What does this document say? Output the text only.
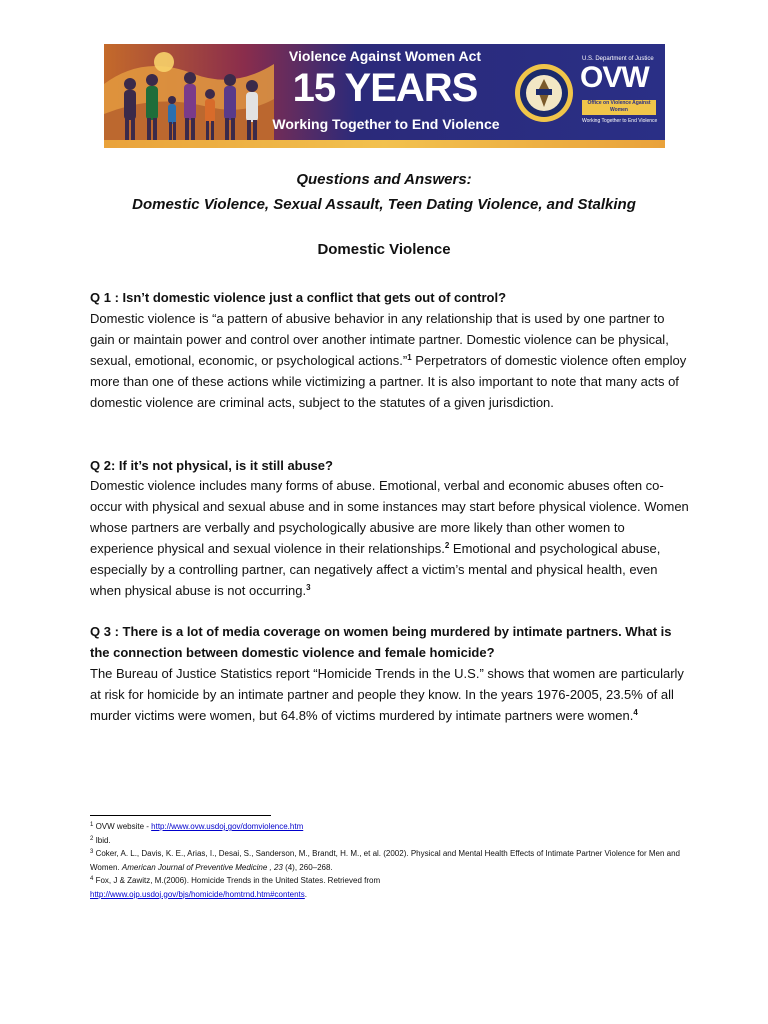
Violence Against Women Act
15 YEARS
Working Together to End Violence
U.S. Department of Justice
OVW
Office on Violence Against Women
Working Together to End Violence
Questions and Answers:
Domestic Violence, Sexual Assault, Teen Dating Violence, and Stalking
Domestic Violence
Q 1 : Isn’t domestic violence just a conflict that gets out of control?
Domestic violence is “a pattern of abusive behavior in any relationship that is used by one partner to gain or maintain power and control over another intimate partner. Domestic violence can be physical, sexual, emotional, economic, or psychological actions.”$^1$ Perpetrators of domestic violence often employ more than one of these actions while victimizing a partner. It is also important to note that many acts of domestic violence are criminal acts, subject to the statutes of a given jurisdiction.
Q 2: If it’s not physical, is it still abuse?
Domestic violence includes many forms of abuse. Emotional, verbal and economic abuses often co-occur with physical and sexual abuse and in some instances may start before physical violence. Women whose partners are verbally and psychologically abusive are more likely than other women to experience physical and sexual violence in their relationships.$^2$ Emotional and psychological abuse, especially by a controlling partner, can negatively affect a victim’s mental and physical health, even when physical abuse is not occurring.$^3$
Q 3 : There is a lot of media coverage on women being murdered by intimate partners. What is the connection between domestic violence and female homicide?
The Bureau of Justice Statistics report “Homicide Trends in the U.S.” shows that women are particularly at risk for homicide by an intimate partner and people they know. In the years 1976-2005, 23.5% of all murder victims were women, but 64.8% of victims murdered by intimate partners were women.$^4$
$^1$ OVW website - http://www.ovw.usdoj.gov/domviolence.htm
$^2$ Ibid.
$^3$ Coker, A. L., Davis, K. E., Arias, I., Desai, S., Sanderson, M., Brandt, H. M., et al. (2002). Physical and Mental Health Effects of Intimate Partner Violence for Men and Women. American Journal of Preventive Medicine , 23 (4), 260–268.
$^4$ Fox, J & Zawitz, M.(2006). Homicide Trends in the United States. Retrieved from
http://www.ojp.usdoj.gov/bjs/homicide/homtrnd.htm#contents.
